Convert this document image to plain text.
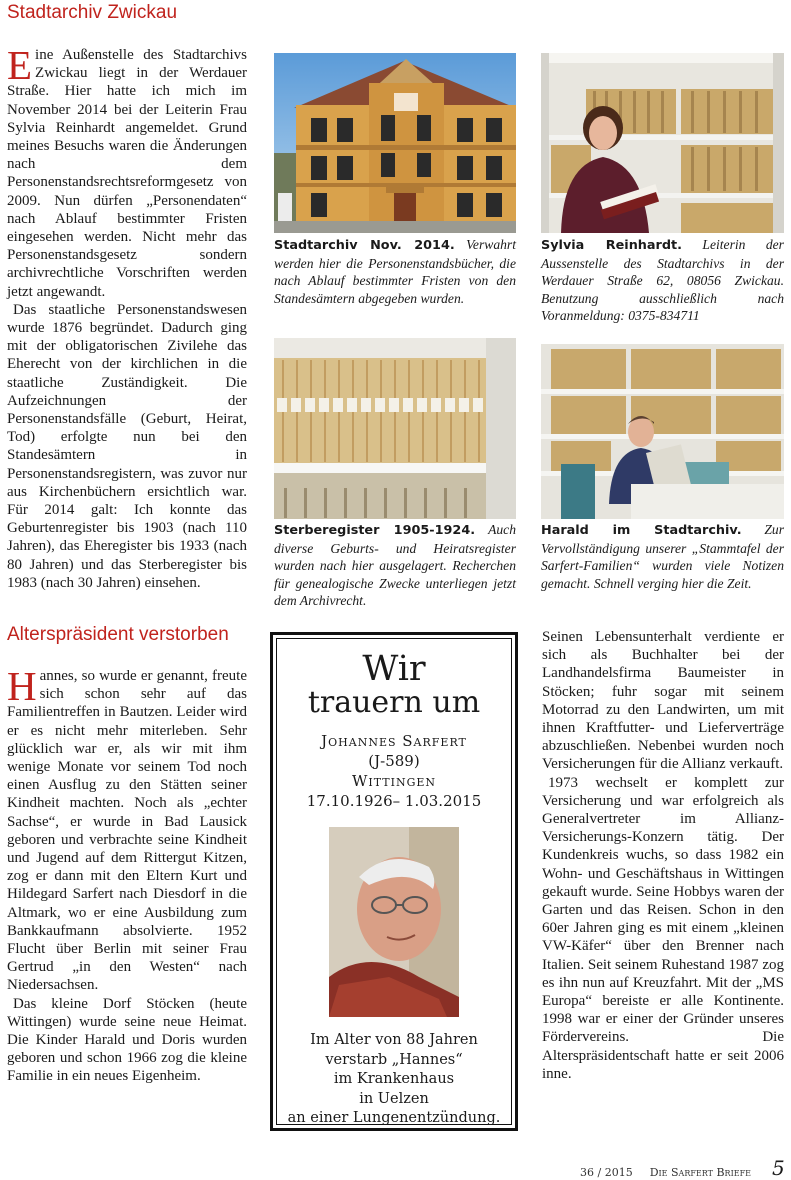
Stadtarchiv Zwickau

Eine Außenstelle des Stadtarchivs Zwickau liegt in der Werdauer Straße. Hier hatte ich mich im November 2014 bei der Leiterin Frau Sylvia Reinhardt angemeldet. Grund meines Besuchs waren die Änderungen nach dem Personenstandsrechtsreformgesetz von 2009. Nun dürfen „Personendaten“ nach Ablauf bestimmter Fristen eingesehen werden. Nicht mehr das Personenstandsgesetz sondern archivrechtliche Vorschriften werden jetzt angewandt.

Das staatliche Personenstandswesen wurde 1876 begründet. Dadurch ging mit der obligatorischen Zivilehe das Eherecht von der kirchlichen in die staatliche Zuständigkeit. Die Aufzeichnungen der Personenstandsfälle (Geburt, Heirat, Tod) erfolgte nun bei den Standesämtern in Personenstandsregistern, was zuvor nur aus Kirchenbüchern ersichtlich war. Für 2014 galt: Ich konnte das Geburtenregister bis 1903 (nach 110 Jahren), das Eheregister bis 1933 (nach 80 Jahren) und das Sterberegister bis 1983 (nach 30 Jahren) einsehen.

Stadtarchiv Nov. 2014. Verwahrt werden hier die Personenstandsbücher, die nach Ablauf bestimmter Fristen von den Standesämtern abgegeben wurden.
Sylvia Reinhardt. Leiterin der Aussenstelle des Stadtarchivs in der Werdauer Straße 62, 08056 Zwickau. Benutzung ausschließlich nach Voranmeldung: 0375-834711
Sterberegister 1905-1924. Auch diverse Geburts- und Heiratsregister wurden nach hier ausgelagert. Recherchen für genealogische Zwecke unterliegen jetzt dem Archivrecht.
Harald im Stadtarchiv. Zur Vervollständigung unserer „Stammtafel der Sarfert-Familien“ wurden viele Notizen gemacht. Schnell verging hier die Zeit.
Alterspräsident verstorben

Hannes, so wurde er genannt, freute sich schon sehr auf das Familientreffen in Bautzen. Leider wird er es nicht mehr miterleben. Sehr glücklich war er, als wir mit ihm wenige Monate vor seinem Tod noch einen Ausflug zu den Stätten seiner Kindheit machten. Noch als „echter Sachse“, er wurde in Bad Lausick geboren und verbrachte seine Kindheit und Jugend auf dem Rittergut Kitzen, zog er dann mit den Eltern Kurt und Hildegard Sarfert nach Diesdorf in die Altmark, wo er eine Ausbildung zum Bankkaufmann absolvierte. 1952 Flucht über Berlin mit seiner Frau Gertrud „in den Westen“ nach Niedersachsen.

Das kleine Dorf Stöcken (heute Wittingen) wurde seine neue Heimat. Die Kinder Harald und Doris wurden geboren und schon 1966 zog die kleine Familie in ein neues Eigenheim.

Wir
trauern um
Johannes Sarfert
(J-589)
Wittingen
17.10.1926– 1.03.2015
Im Alter von 88 Jahren
verstarb „Hannes“
im Krankenhaus
in Uelzen
an einer Lungenentzündung.

Seinen Lebensunterhalt verdiente er sich als Buchhalter bei der Landhandelsfirma Baumeister in Stöcken; fuhr sogar mit seinem Motorrad zu den Landwirten, um mit ihnen Kraftfutter- und Lieferverträge abzuschließen. Nebenbei wurden noch Versicherungen für die Allianz verkauft.

1973 wechselt er komplett zur Versicherung und war erfolgreich als Generalvertreter im Allianz-Versicherungs-Konzern tätig. Der Kundenkreis wuchs, so dass 1982 ein Wohn- und Geschäftshaus in Wittingen gekauft wurde. Seine Hobbys waren der Garten und das Reisen. Schon in den 60er Jahren ging es mit einem „kleinen VW-Käfer“ über den Brenner nach Italien. Seit seinem Ruhestand 1987 zog es ihn nun auf Kreuzfahrt. Mit der „MS Europa“ bereiste er alle Kontinente. 1998 war er einer der Gründer unseres Fördervereins. Die Alterspräsidentschaft hatte er seit 2006 inne.

36 / 2015 Die Sarfert Briefe 5
